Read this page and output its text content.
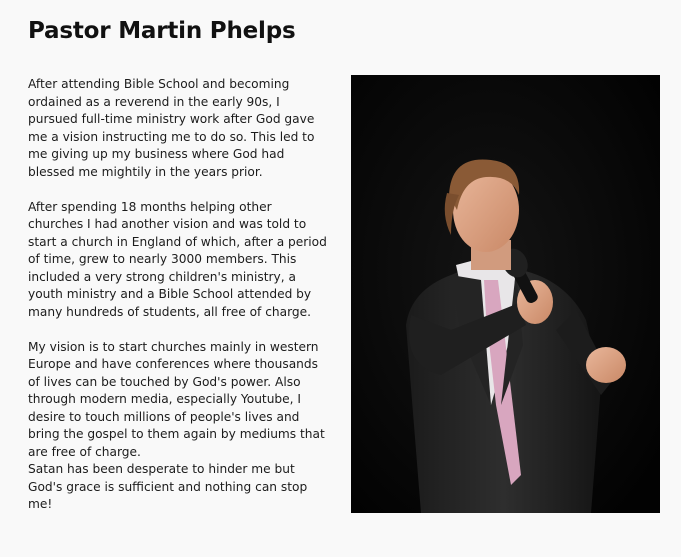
Pastor Martin Phelps

After attending Bible School and becoming ordained as a reverend in the early 90s, I pursued full-time ministry work after God gave me a vision instructing me to do so. This led to me giving up my business where God had blessed me mightily in the years prior.

After spending 18 months helping other churches I had another vision and was told to start a church in England of which, after a period of time, grew to nearly 3000 members. This included a very strong children's ministry, a youth ministry and a Bible School attended by many hundreds of students, all free of charge.

My vision is to start churches mainly in western Europe and have conferences where thousands of lives can be touched by God's power. Also through modern media, especially Youtube, I desire to touch millions of people's lives and bring the gospel to them again by mediums that are free of charge.

Satan has been desperate to hinder me but God's grace is sufficient and nothing can stop me!
